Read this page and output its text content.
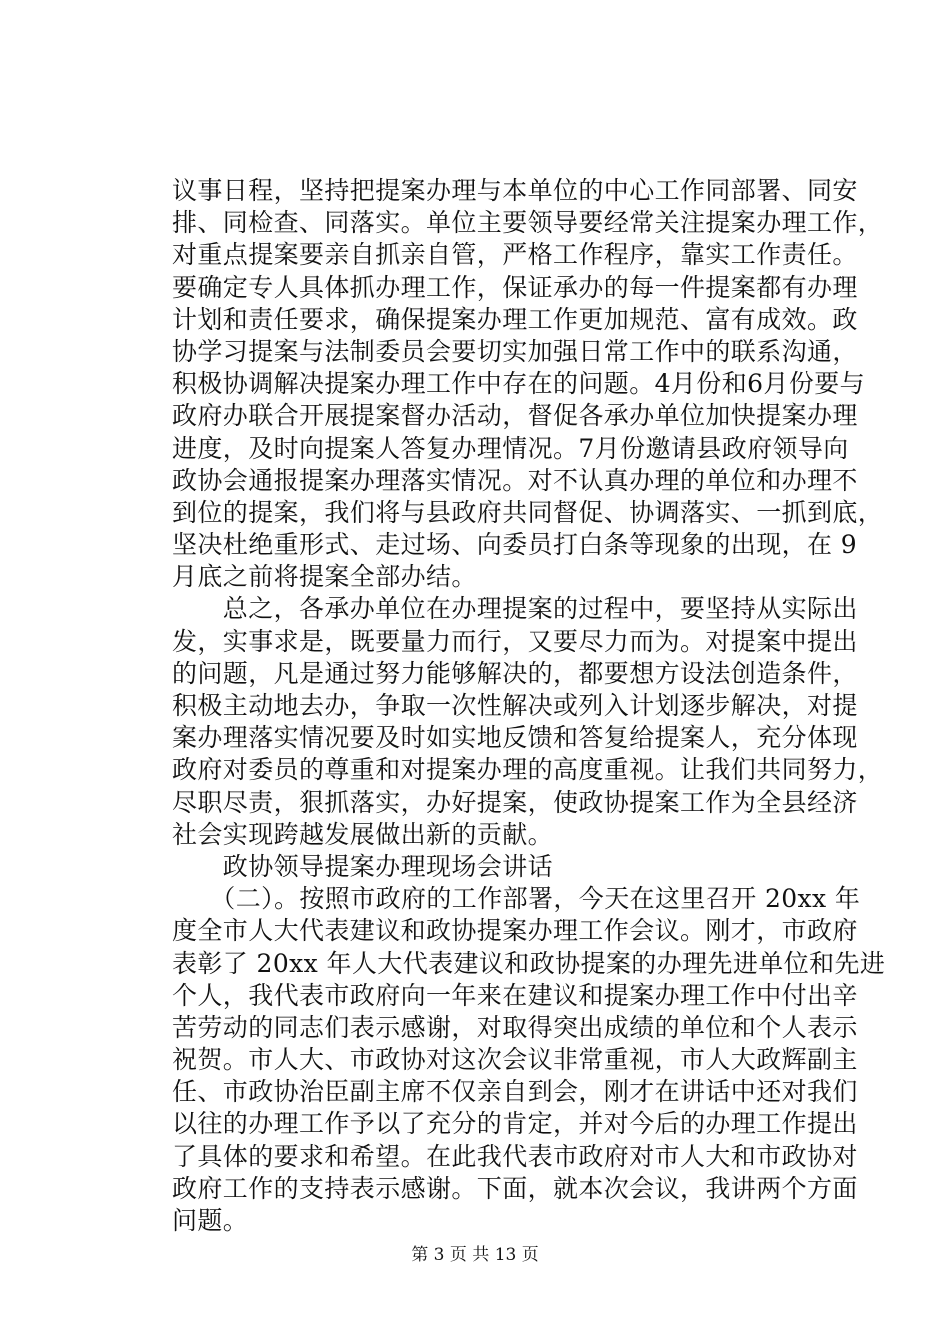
议事日程，坚持把提案办理与本单位的中心工作同部署、同安
排、同检查、同落实。单位主要领导要经常关注提案办理工作，
对重点提案要亲自抓亲自管，严格工作程序，靠实工作责任。
要确定专人具体抓办理工作，保证承办的每一件提案都有办理
计划和责任要求，确保提案办理工作更加规范、富有成效。政
协学习提案与法制委员会要切实加强日常工作中的联系沟通，
积极协调解决提案办理工作中存在的问题。4月份和6月份要与
政府办联合开展提案督办活动，督促各承办单位加快提案办理
进度，及时向提案人答复办理情况。7月份邀请县政府领导向
政协会通报提案办理落实情况。对不认真办理的单位和办理不
到位的提案，我们将与县政府共同督促、协调落实、一抓到底，
坚决杜绝重形式、走过场、向委员打白条等现象的出现，在 9
月底之前将提案全部办结。
　　总之，各承办单位在办理提案的过程中，要坚持从实际出
发，实事求是，既要量力而行，又要尽力而为。对提案中提出
的问题，凡是通过努力能够解决的，都要想方设法创造条件，
积极主动地去办，争取一次性解决或列入计划逐步解决，对提
案办理落实情况要及时如实地反馈和答复给提案人，充分体现
政府对委员的尊重和对提案办理的高度重视。让我们共同努力，
尽职尽责，狠抓落实，办好提案，使政协提案工作为全县经济
社会实现跨越发展做出新的贡献。
　　政协领导提案办理现场会讲话
　　（二）。按照市政府的工作部署，今天在这里召开 20xx 年
度全市人大代表建议和政协提案办理工作会议。刚才，市政府
表彰了 20xx 年人大代表建议和政协提案的办理先进单位和先进
个人，我代表市政府向一年来在建议和提案办理工作中付出辛
苦劳动的同志们表示感谢，对取得突出成绩的单位和个人表示
祝贺。市人大、市政协对这次会议非常重视，市人大政辉副主
任、市政协治臣副主席不仅亲自到会，刚才在讲话中还对我们
以往的办理工作予以了充分的肯定，并对今后的办理工作提出
了具体的要求和希望。在此我代表市政府对市人大和市政协对
政府工作的支持表示感谢。下面，就本次会议，我讲两个方面
问题。
第 3 页 共 13 页
